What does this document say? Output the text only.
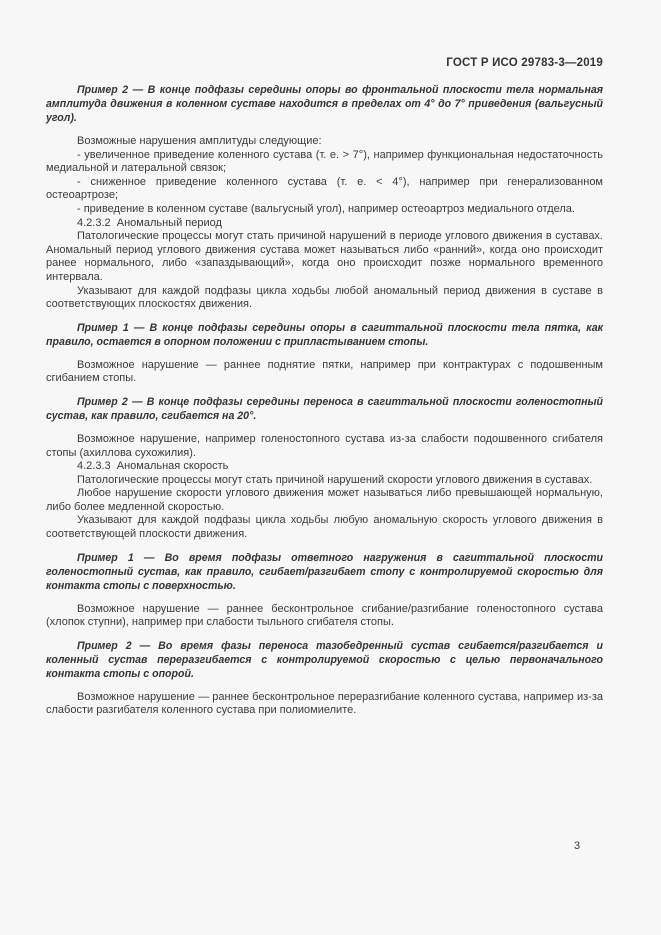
ГОСТ Р ИСО 29783-3—2019

Пример 2 — В конце подфазы середины опоры во фронтальной плоскости тела нормальная амплитуда движения в коленном суставе находится в пределах от 4° до 7° приведения (вальгусный угол).

Возможные нарушения амплитуды следующие:

- увеличенное приведение коленного сустава (т. е. > 7°), например функциональная недостаточность медиальной и латеральной связок;

- сниженное приведение коленного сустава (т. е. < 4°), например при генерализованном остеоартрозе;

- приведение в коленном суставе (вальгусный угол), например остеоартроз медиального отдела.

4.2.3.2  Аномальный период

Патологические процессы могут стать причиной нарушений в периоде углового движения в суставах. Аномальный период углового движения сустава может называться либо «ранний», когда оно происходит ранее нормального, либо «запаздывающий», когда оно происходит позже нормального временного интервала.

Указывают для каждой подфазы цикла ходьбы любой аномальный период движения в суставе в соответствующих плоскостях движения.

Пример 1 — В конце подфазы середины опоры в сагиттальной плоскости тела пятка, как правило, остается в опорном положении с припластыванием стопы.

Возможное нарушение — раннее поднятие пятки, например при контрактурах с подошвенным сгибанием стопы.

Пример 2 — В конце подфазы середины переноса в сагиттальной плоскости голеностопный сустав, как правило, сгибается на 20°.

Возможное нарушение, например голеностопного сустава из-за слабости подошвенного сгибателя стопы (ахиллова сухожилия).

4.2.3.3  Аномальная скорость

Патологические процессы могут стать причиной нарушений скорости углового движения в суставах.

Любое нарушение скорости углового движения может называться либо превышающей нормальную, либо более медленной скоростью.

Указывают для каждой подфазы цикла ходьбы любую аномальную скорость углового движения в соответствующей плоскости движения.

Пример 1 — Во время подфазы ответного нагружения в сагиттальной плоскости голеностопный сустав, как правило, сгибает/разгибает стопу с контролируемой скоростью для контакта стопы с поверхностью.

Возможное нарушение — раннее бесконтрольное сгибание/разгибание голеностопного сустава (хлопок ступни), например при слабости тыльного сгибателя стопы.

Пример 2 — Во время фазы переноса тазобедренный сустав сгибается/разгибается и коленный сустав переразгибается с контролируемой скоростью с целью первоначального контакта стопы с опорой.

Возможное нарушение — раннее бесконтрольное переразгибание коленного сустава, например из-за слабости разгибателя коленного сустава при полиомиелите.

3
